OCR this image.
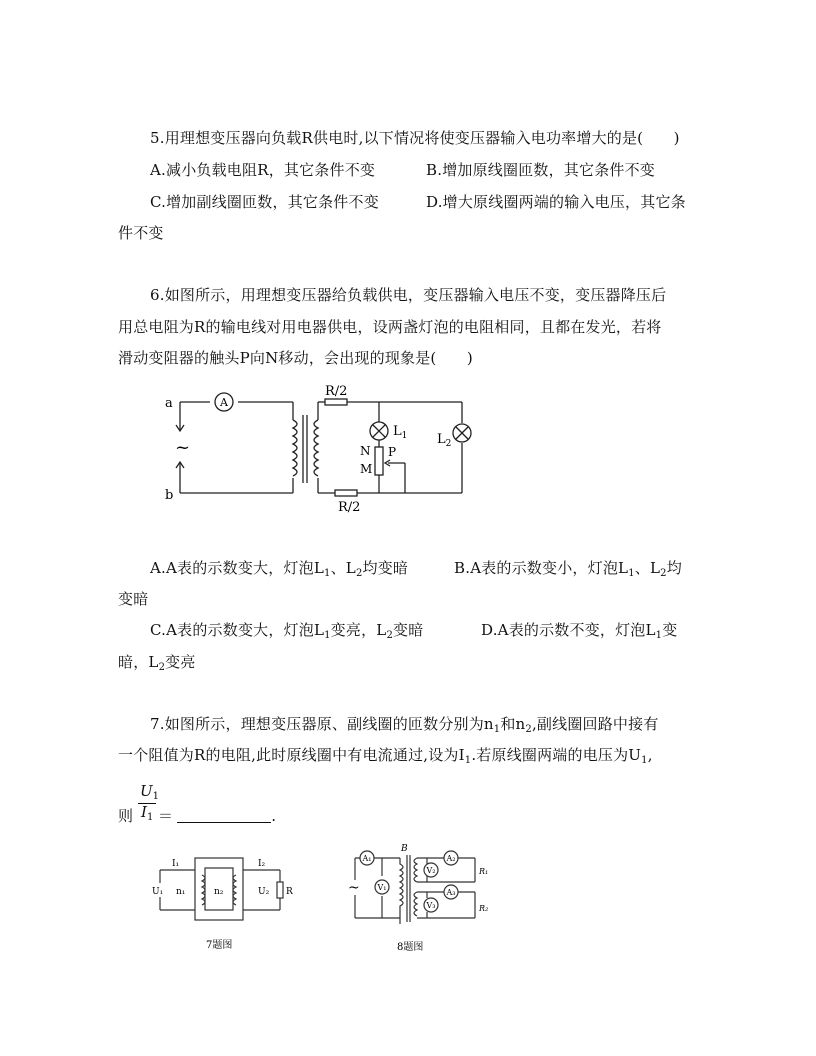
5.用理想变压器向负载R供电时,以下情况将使变压器输入电功率增大的是(　　)
A.减小负载电阻R，其它条件不变	B.增加原线圈匝数，其它条件不变
C.增加副线圈匝数，其它条件不变	D.增大原线圈两端的输入电压，其它条
件不变
6.如图所示，用理想变压器给负载供电，变压器输入电压不变，变压器降压后
用总电阻为R的输电线对用电器供电，设两盏灯泡的电阻相同，且都在发光，若将
滑动变阻器的触头P向N移动，会出现的现象是(　　)
A
a
b
~
R/2
R/2
$L_1$ $L_2$
N
M
P
A.A表的示数变大，灯泡$L_1$、$L_2$均变暗	B.A表的示数变小，灯泡$L_1$、$L_2$均
变暗
C.A表的示数变大，灯泡$L_1$变亮，$L_2$变暗	D.A表的示数不变，灯泡$L_1$变
暗，$L_2$变亮
7.如图所示，理想变压器原、副线圈的匝数分别为$n_1$和$n_2$,副线圈回路中接有
一个阻值为R的电阻,此时原线圈中有电流通过,设为$I_1$.若原线圈两端的电压为$U_1$,
则
$U_1$
$I_1$ ＝	.
I₁	I₂
U₁	U₂
n₁	n₂	R
7题图
A₁
V₁
V₂
A₂
V₃
A₃
B
R₁
R₂
~
8题图
